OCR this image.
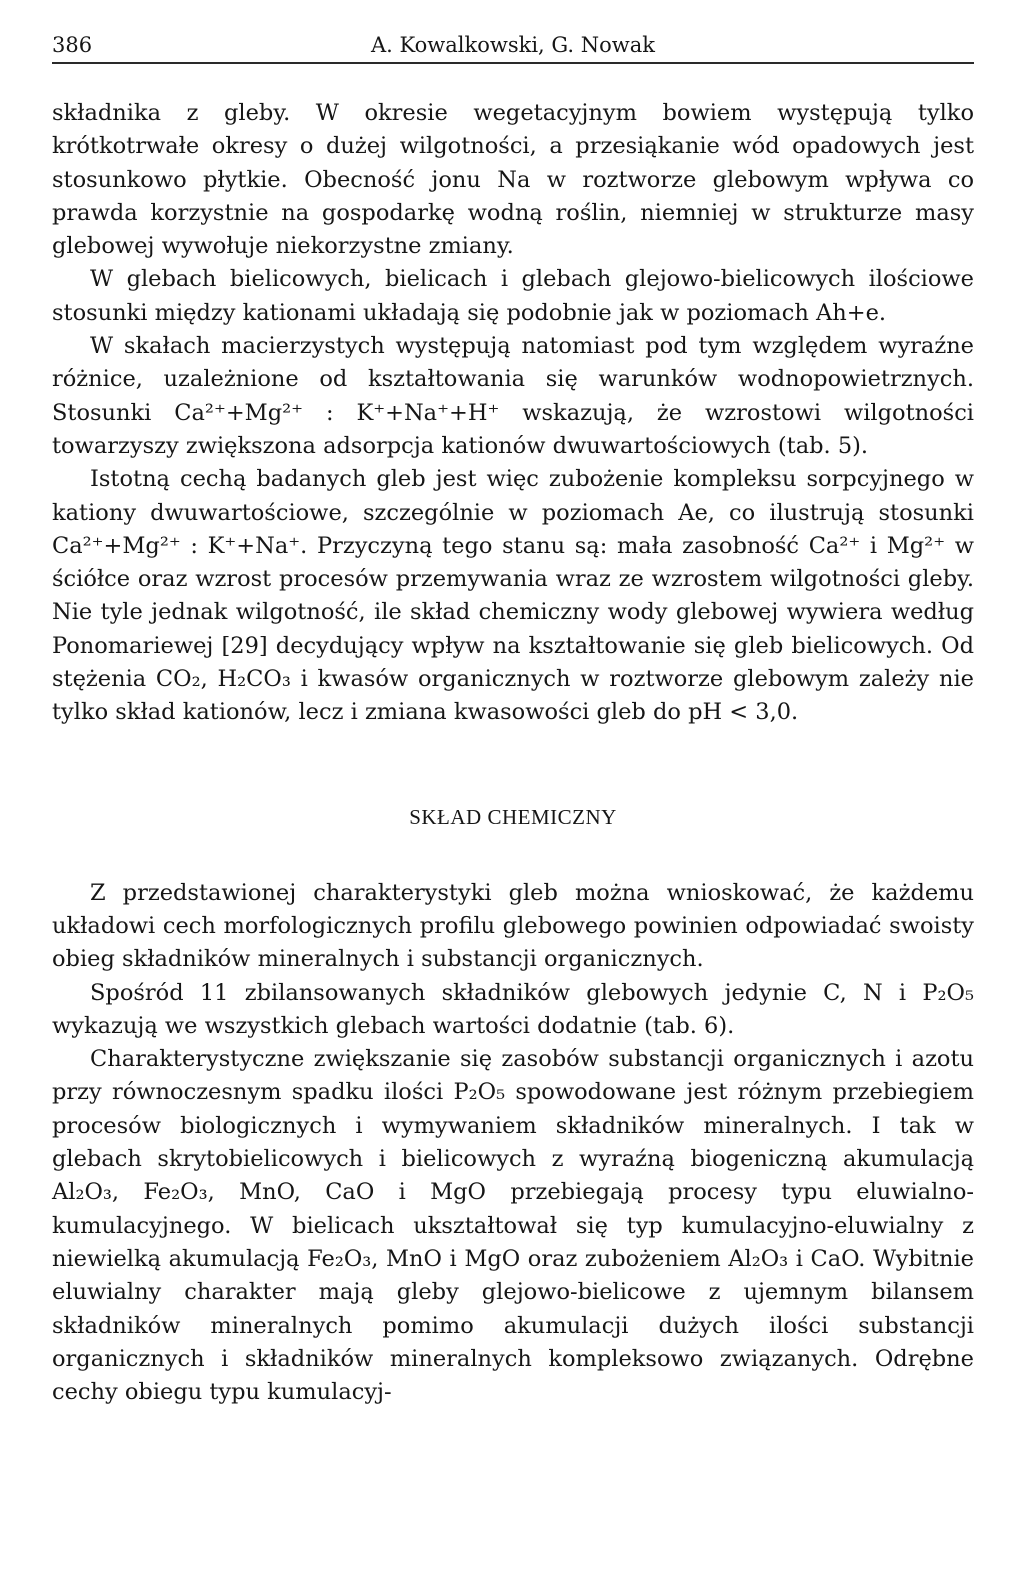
386	A. Kowalkowski, G. Nowak

składnika z gleby. W okresie wegetacyjnym bowiem występują tylko krótkotrwałe okresy o dużej wilgotności, a przesiąkanie wód opadowych jest stosunkowo płytkie. Obecność jonu Na w roztworze glebowym wpływa co prawda korzystnie na gospodarkę wodną roślin, niemniej w strukturze masy glebowej wywołuje niekorzystne zmiany.

W glebach bielicowych, bielicach i glebach glejowo-bielicowych ilościowe stosunki między kationami układają się podobnie jak w poziomach Ah+e.

W skałach macierzystych występują natomiast pod tym względem wyraźne różnice, uzależnione od kształtowania się warunków wodnopowietrznych. Stosunki Ca²⁺+Mg²⁺ : K⁺+Na⁺+H⁺ wskazują, że wzrostowi wilgotności towarzyszy zwiększona adsorpcja kationów dwuwartościowych (tab. 5).

Istotną cechą badanych gleb jest więc zubożenie kompleksu sorpcyjnego w kationy dwuwartościowe, szczególnie w poziomach Ae, co ilustrują stosunki Ca²⁺+Mg²⁺ : K⁺+Na⁺. Przyczyną tego stanu są: mała zasobność Ca²⁺ i Mg²⁺ w ściółce oraz wzrost procesów przemywania wraz ze wzrostem wilgotności gleby. Nie tyle jednak wilgotność, ile skład chemiczny wody glebowej wywiera według Ponomariewej [29] decydujący wpływ na kształtowanie się gleb bielicowych. Od stężenia CO₂, H₂CO₃ i kwasów organicznych w roztworze glebowym zależy nie tylko skład kationów, lecz i zmiana kwasowości gleb do pH < 3,0.

SKŁAD CHEMICZNY

Z przedstawionej charakterystyki gleb można wnioskować, że każdemu układowi cech morfologicznych profilu glebowego powinien odpowiadać swoisty obieg składników mineralnych i substancji organicznych.

Spośród 11 zbilansowanych składników glebowych jedynie C, N i P₂O₅ wykazują we wszystkich glebach wartości dodatnie (tab. 6).

Charakterystyczne zwiększanie się zasobów substancji organicznych i azotu przy równoczesnym spadku ilości P₂O₅ spowodowane jest różnym przebiegiem procesów biologicznych i wymywaniem składników mineralnych. I tak w glebach skrytobielicowych i bielicowych z wyraźną biogeniczną akumulacją Al₂O₃, Fe₂O₃, MnO, CaO i MgO przebiegają procesy typu eluwialno-kumulacyjnego. W bielicach ukształtował się typ kumulacyjno-eluwialny z niewielką akumulacją Fe₂O₃, MnO i MgO oraz zubożeniem Al₂O₃ i CaO. Wybitnie eluwialny charakter mają gleby glejowo-bielicowe z ujemnym bilansem składników mineralnych pomimo akumulacji dużych ilości substancji organicznych i składników mineralnych kompleksowo związanych. Odrębne cechy obiegu typu kumulacyj-
